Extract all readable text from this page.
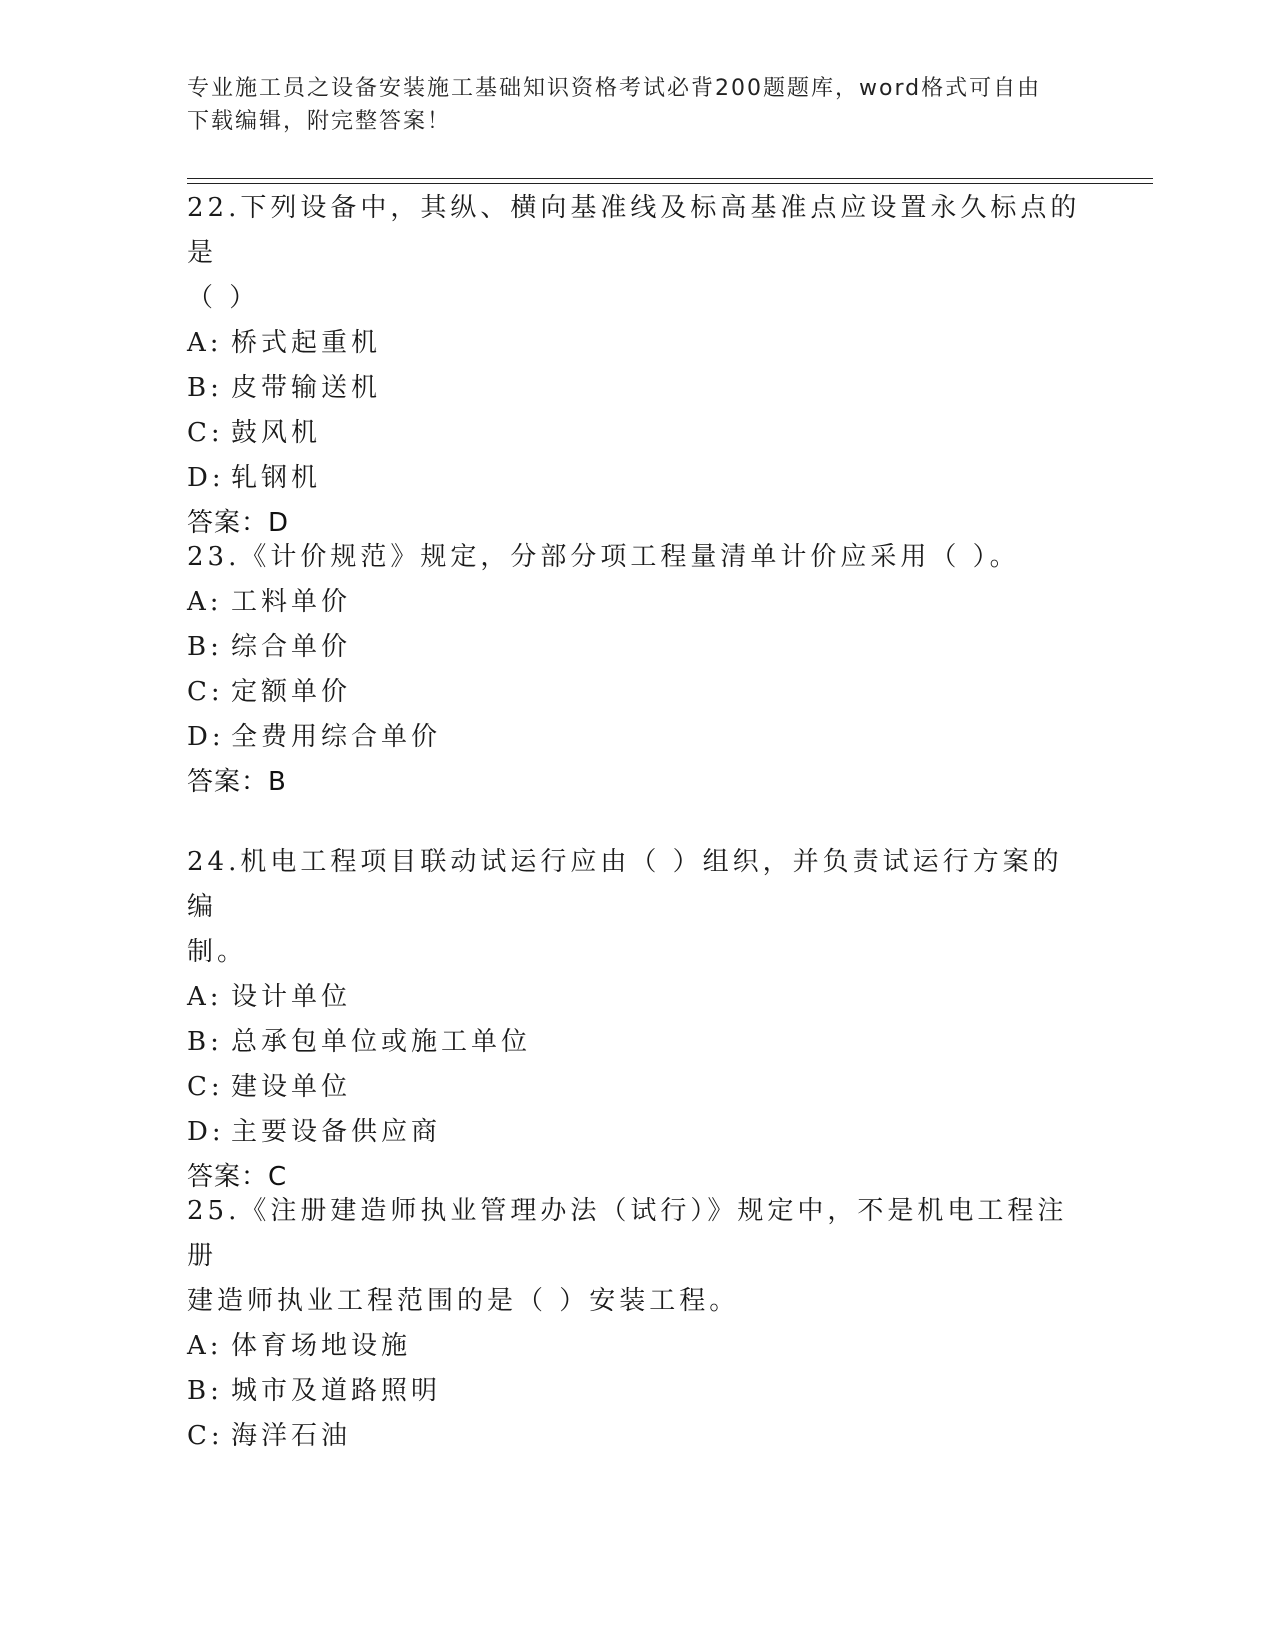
专业施工员之设备安装施工基础知识资格考试必背200题题库，word格式可自由
下载编辑，附完整答案！
22.下列设备中，其纵、横向基准线及标高基准点应设置永久标点的是
（ ）
A: 桥式起重机
B: 皮带输送机
C: 鼓风机
D: 轧钢机
答案：D
23.《计价规范》规定，分部分项工程量清单计价应采用（ ）。
A: 工料单价
B: 综合单价
C: 定额单价
D: 全费用综合单价
答案：B
24.机电工程项目联动试运行应由（ ）组织，并负责试运行方案的编
制。
A: 设计单位
B: 总承包单位或施工单位
C: 建设单位
D: 主要设备供应商
答案：C
25.《注册建造师执业管理办法（试行）》规定中，不是机电工程注册
建造师执业工程范围的是（ ）安装工程。
A: 体育场地设施
B: 城市及道路照明
C: 海洋石油
